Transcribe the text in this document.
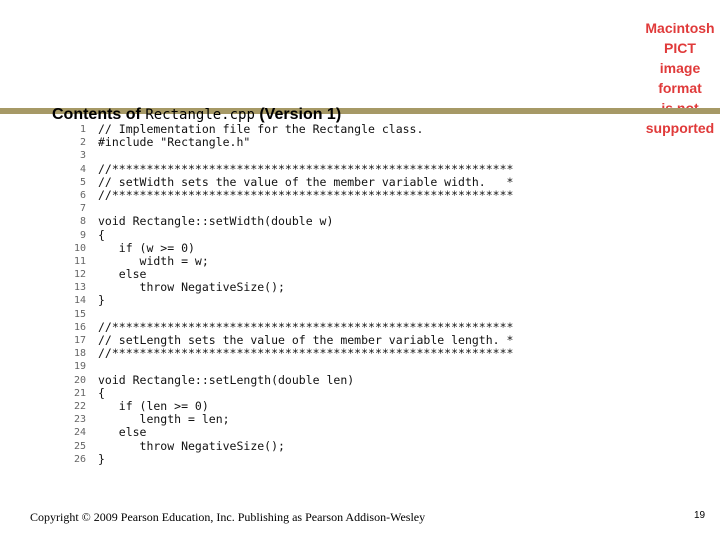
Macintosh PICT
image format
supported
Contents of Rectangle.cpp (Version 1)
1	// Implementation file for the Rectangle class.
2	#include "Rectangle.h"
3
4	//**********************************************************
5	// setWidth sets the value of the member variable width.   *
6	//**********************************************************
7
8	void Rectangle::setWidth(double w)
9	{
10	if (w >= 0)
11	width = w;
12	else
13	throw NegativeSize();
14	}
15
16	//**********************************************************
17	// setLength sets the value of the member variable length. *
18	//**********************************************************
19
20	void Rectangle::setLength(double len)
21	{
22	if (len >= 0)
23	length = len;
24	else
25	throw NegativeSize();
26	}
Copyright © 2009 Pearson Education, Inc. Publishing as Pearson Addison-Wesley	19
